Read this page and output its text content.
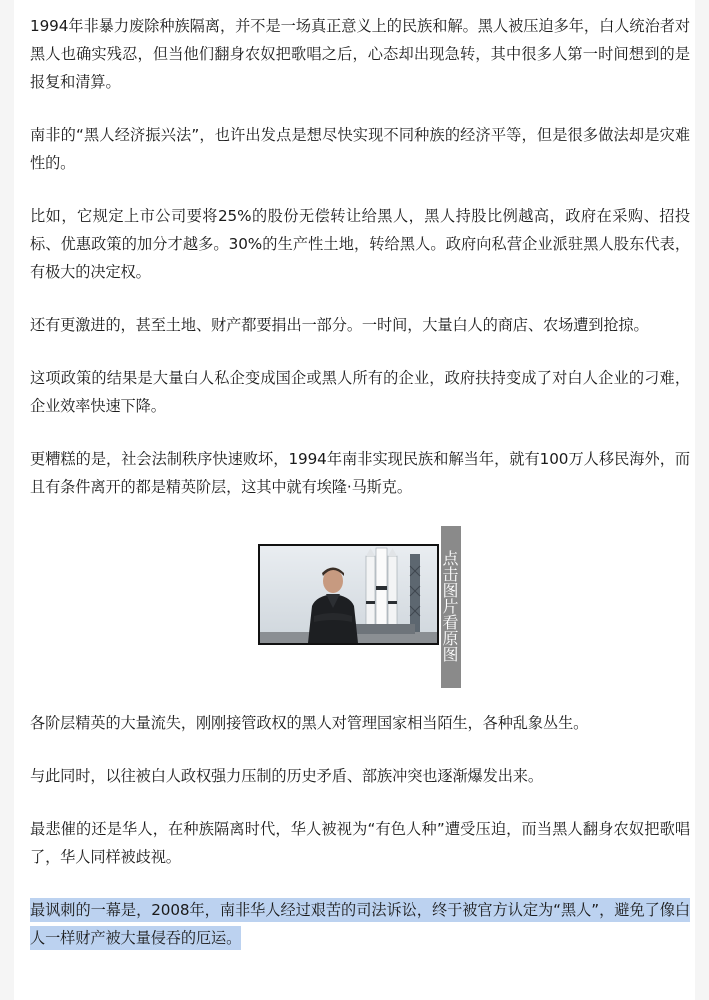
1994年非暴力废除种族隔离，并不是一场真正意义上的民族和解。黑人被压迫多年，白人统治者对黑人也确实残忍，但当他们翻身农奴把歌唱之后，心态却出现急转，其中很多人第一时间想到的是报复和清算。

南非的“黑人经济振兴法”，也许出发点是想尽快实现不同种族的经济平等，但是很多做法却是灾难性的。

比如，它规定上市公司要将25%的股份无偿转让给黑人，黑人持股比例越高，政府在采购、招投标、优惠政策的加分才越多。30%的生产性土地，转给黑人。政府向私营企业派驻黑人股东代表，有极大的决定权。

还有更激进的，甚至土地、财产都要捐出一部分。一时间，大量白人的商店、农场遭到抢掠。

这项政策的结果是大量白人私企变成国企或黑人所有的企业，政府扶持变成了对白人企业的刁难，企业效率快速下降。

更糟糕的是，社会法制秩序快速败坏，1994年南非实现民族和解当年，就有100万人移民海外，而且有条件离开的都是精英阶层，这其中就有埃隆·马斯克。

点击图片看原图

各阶层精英的大量流失，刚刚接管政权的黑人对管理国家相当陌生，各种乱象丛生。

与此同时，以往被白人政权强力压制的历史矛盾、部族冲突也逐渐爆发出来。

最悲催的还是华人，在种族隔离时代，华人被视为“有色人种”遭受压迫，而当黑人翻身农奴把歌唱了，华人同样被歧视。

最讽刺的一幕是，2008年，南非华人经过艰苦的司法诉讼，终于被官方认定为“黑人”，避免了像白人一样财产被大量侵吞的厄运。
